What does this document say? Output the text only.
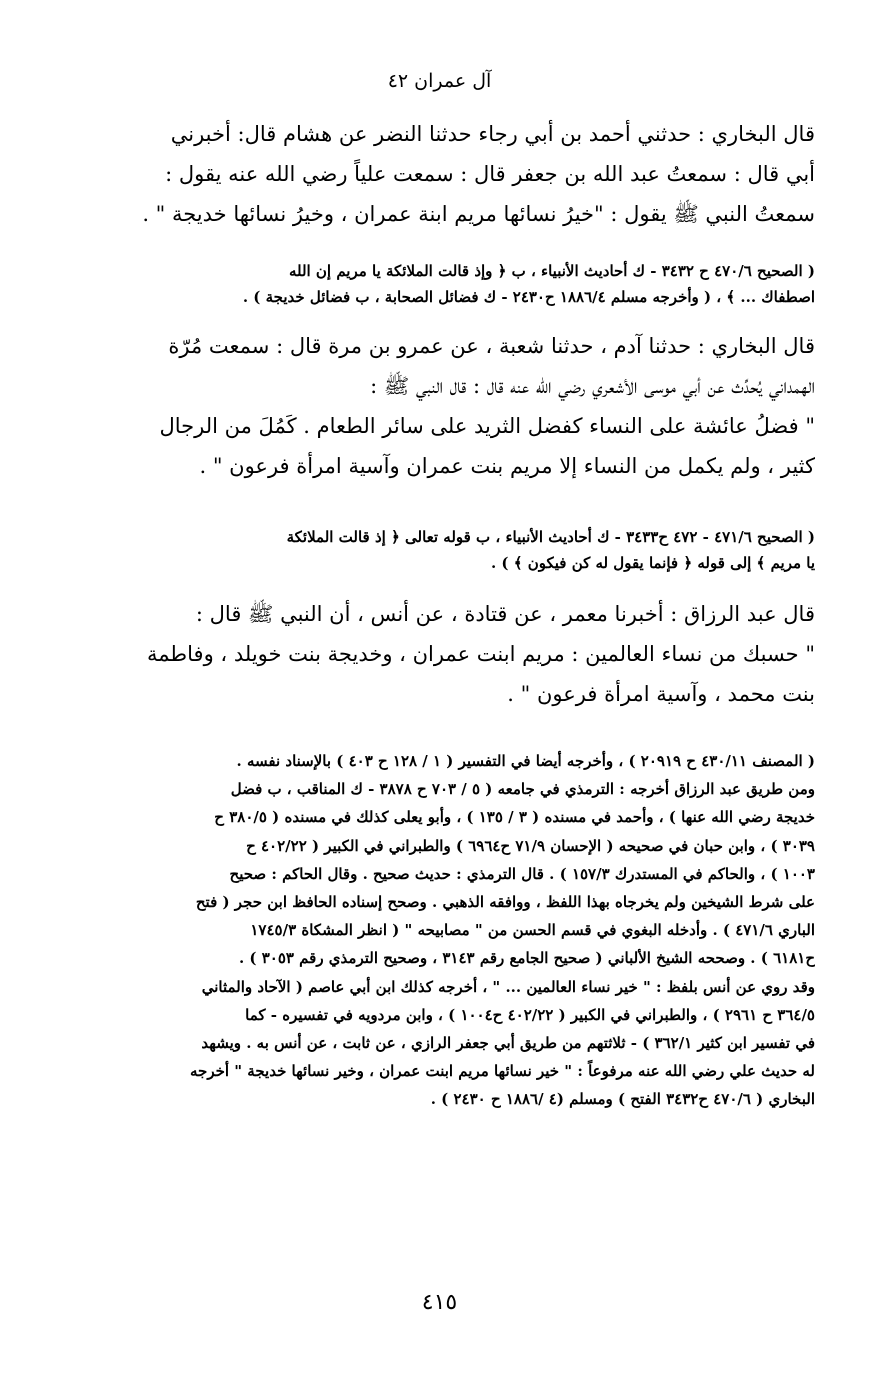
آل عمران ٤٢
قال البخاري : حدثني أحمد بن أبي رجاء حدثنا النضر عن هشام قال: أخبرني
أبي قال : سمعتُ عبد الله بن جعفر قال : سمعت علياً رضي الله عنه يقول :
سمعتُ النبي ﷺ يقول : "خيرُ نسائها مريم ابنة عمران ، وخيرُ نسائها خديجة " .
( الصحيح ٤٧٠/٦ ح ٣٤٣٢ - ك أحاديث الأنبياء ، ب ﴿ وإذ قالت الملائكة يا مريم إن الله
اصطفاك ... ﴾ ، ( وأخرجه مسلم ١٨٨٦/٤ ح٢٤٣٠ - ك فضائل الصحابة ، ب فضائل خديجة ) .
قال البخاري : حدثنا آدم ، حدثنا شعبة ، عن عمرو بن مرة قال : سمعت مُرّة
الهمداني يُحدِّث عن أبي موسى الأشعري رضي الله عنه قال : قال النبي ﷺ :
" فضلُ عائشة على النساء كفضل الثريد على سائر الطعام . كَمُلَ من الرجال
كثير ، ولم يكمل من النساء إلا مريم بنت عمران وآسية امرأة فرعون " .
( الصحيح ٤٧١/٦ - ٤٧٢ ح٣٤٣٣ - ك أحاديث الأنبياء ، ب قوله تعالى ﴿ إذ قالت الملائكة
يا مريم ﴾ إلى قوله ﴿ فإنما يقول له كن فيكون ﴾ ) .
قال عبد الرزاق : أخبرنا معمر ، عن قتادة ، عن أنس ، أن النبي ﷺ قال :
" حسبك من نساء العالمين : مريم ابنت عمران ، وخديجة بنت خويلد ، وفاطمة
بنت محمد ، وآسية امرأة فرعون " .
( المصنف ٤٣٠/١١ ح ٢٠٩١٩ ) ، وأخرجه أيضا في التفسير ( ١ / ١٢٨ ح ٤٠٣ ) بالإسناد نفسه .
ومن طريق عبد الرزاق أخرجه : الترمذي في جامعه ( ٥ / ٧٠٣ ح ٣٨٧٨ - ك المناقب ، ب فضل
خديجة رضي الله عنها ) ، وأحمد في مسنده ( ٣ / ١٣٥ ) ، وأبو يعلى كذلك في مسنده ( ٣٨٠/٥ ح
٣٠٣٩ ) ، وابن حبان في صحيحه ( الإحسان ٧١/٩ ح٦٩٦٤ ) والطبراني في الكبير ( ٤٠٢/٢٢ ح
١٠٠٣ ) ، والحاكم في المستدرك ١٥٧/٣ ) . قال الترمذي : حديث صحيح . وقال الحاكم : صحيح
على شرط الشيخين ولم يخرجاه بهذا اللفظ ، ووافقه الذهبي . وصحح إسناده الحافظ ابن حجر ( فتح
الباري ٤٧١/٦ ) . وأدخله البغوي في قسم الحسن من " مصابيحه " ( انظر المشكاة ١٧٤٥/٣
ح٦١٨١ ) . وصححه الشيخ الألباني ( صحيح الجامع رقم ٣١٤٣ ، وصحيح الترمذي رقم ٣٠٥٣ ) .
وقد روي عن أنس بلفظ : " خير نساء العالمين ... " ، أخرجه كذلك ابن أبي عاصم ( الآحاد والمثاني
٣٦٤/٥ ح ٢٩٦١ ) ، والطبراني في الكبير ( ٤٠٢/٢٢ ح١٠٠٤ ) ، وابن مردويه في تفسيره - كما
في تفسير ابن كثير ٣٦٢/١ ) - ثلاثتهم من طريق أبي جعفر الرازي ، عن ثابت ، عن أنس به . ويشهد
له حديث علي رضي الله عنه مرفوعاً : " خير نسائها مريم ابنت عمران ، وخير نسائها خديجة " أخرجه
البخاري ( ٤٧٠/٦ ح٣٤٣٢ الفتح ) ومسلم (٤ /١٨٨٦ ح ٢٤٣٠ ) .
٤١٥
